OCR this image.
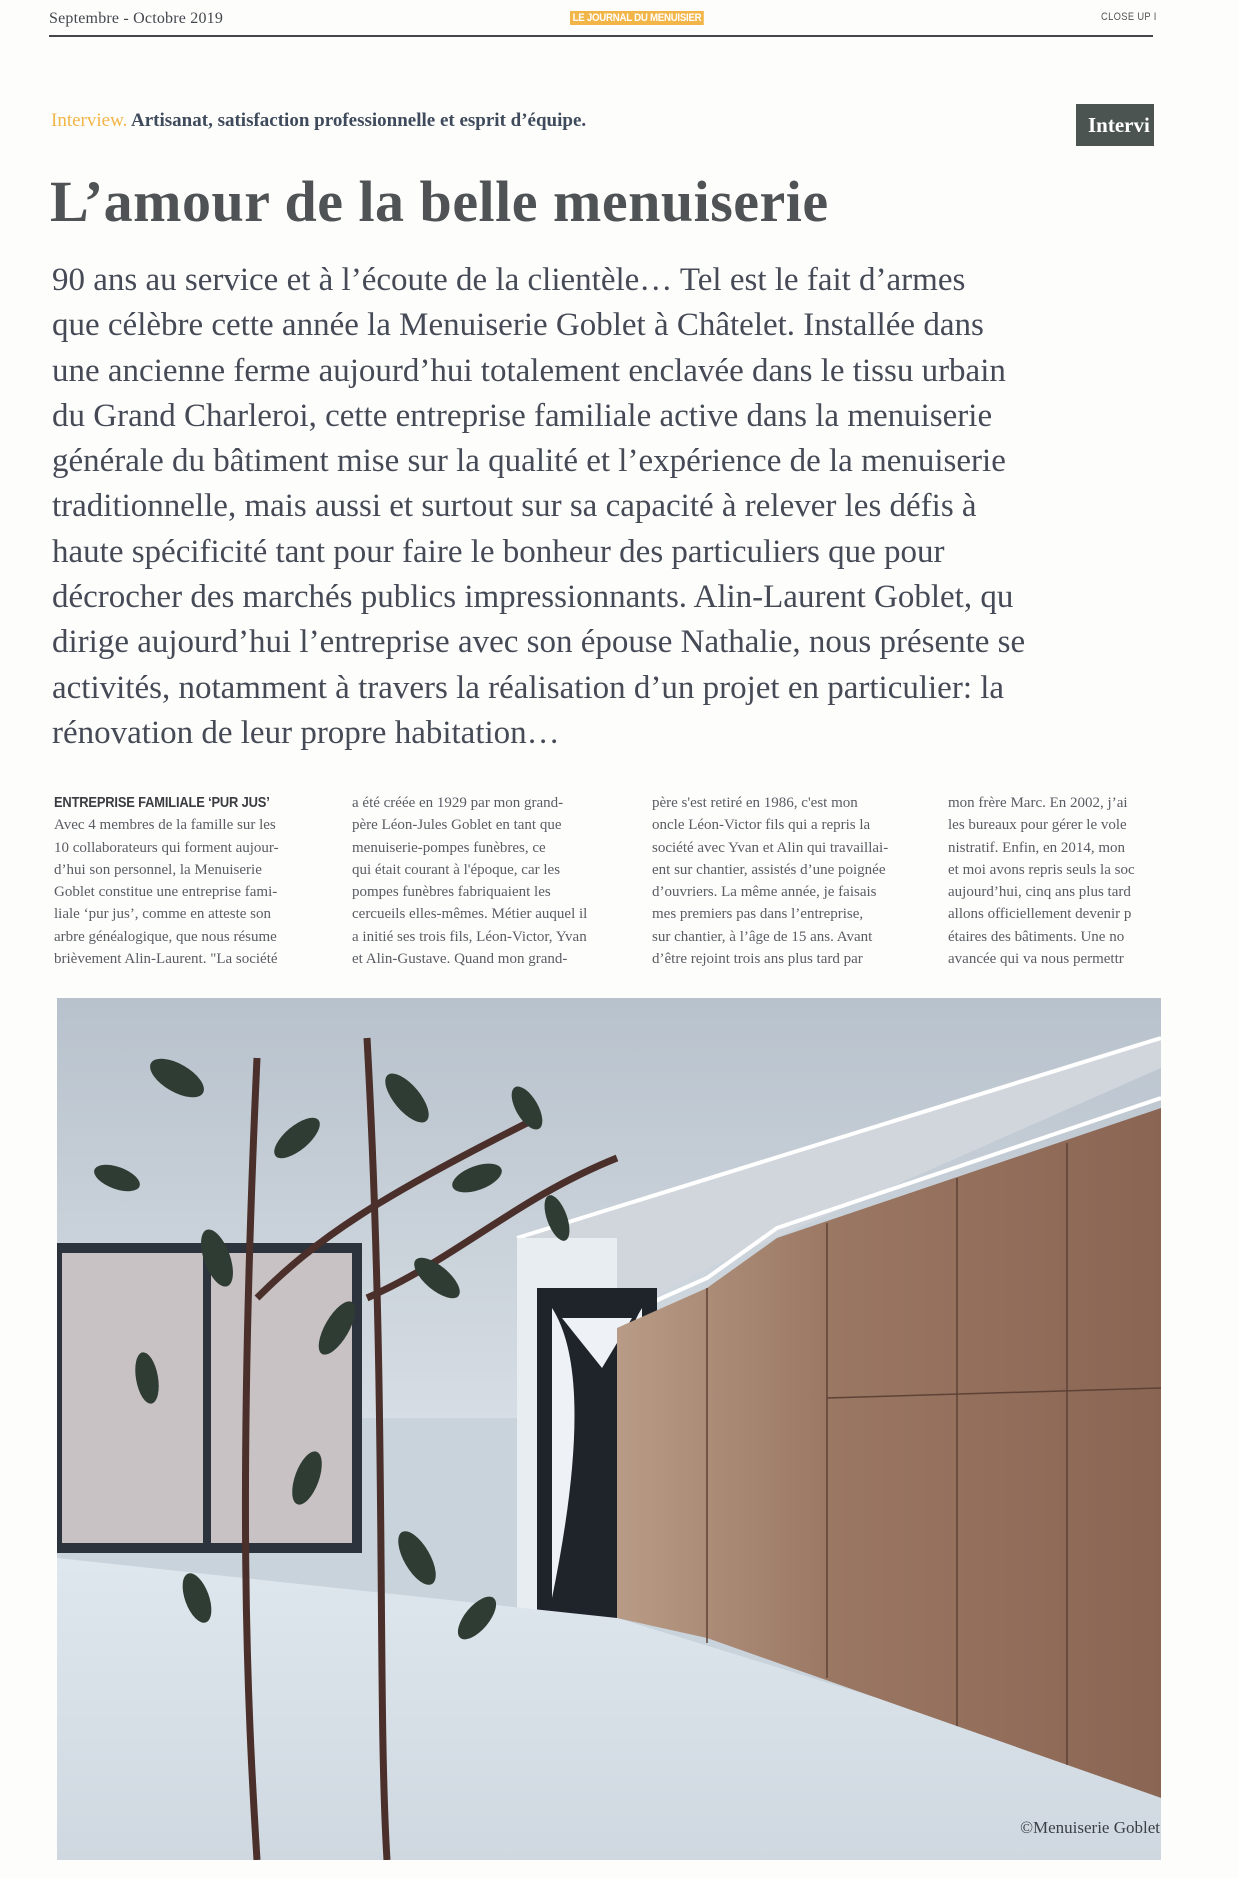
Septembre - Octobre 2019	LE JOURNAL DU MENUISIER	CLOSE UP I
Interview. Artisanat, satisfaction professionnelle et esprit d’équipe.	Intervi
L’amour de la belle menuiserie
90 ans au service et à l’écoute de la clientèle… Tel est le fait d’armes
que célèbre cette année la Menuiserie Goblet à Châtelet. Installée dans
une ancienne ferme aujourd’hui totalement enclavée dans le tissu urbain
du Grand Charleroi, cette entreprise familiale active dans la menuiserie
générale du bâtiment mise sur la qualité et l’expérience de la menuiserie
traditionnelle, mais aussi et surtout sur sa capacité à relever les défis à
haute spécificité tant pour faire le bonheur des particuliers que pour
décrocher des marchés publics impressionnants. Alin-Laurent Goblet, qu
dirige aujourd’hui l’entreprise avec son épouse Nathalie, nous présente se
activités, notamment à travers la réalisation d’un projet en particulier: la
rénovation de leur propre habitation…
ENTREPRISE FAMILIALE ‘PUR JUS’
Avec 4 membres de la famille sur les
10 collaborateurs qui forment aujour-
d’hui son personnel, la Menuiserie
Goblet constitue une entreprise fami-
liale ‘pur jus’, comme en atteste son
arbre généalogique, que nous résume
brièvement Alin-Laurent. "La société
a été créée en 1929 par mon grand-
père Léon-Jules Goblet en tant que
menuiserie-pompes funèbres, ce
qui était courant à l'époque, car les
pompes funèbres fabriquaient les
cercueils elles-mêmes. Métier auquel il
a initié ses trois fils, Léon-Victor, Yvan
et Alin-Gustave. Quand mon grand-
père s'est retiré en 1986, c'est mon
oncle Léon-Victor fils qui a repris la
société avec Yvan et Alin qui travaillai-
ent sur chantier, assistés d’une poignée
d’ouvriers. La même année, je faisais
mes premiers pas dans l’entreprise,
sur chantier, à l’âge de 15 ans. Avant
d’être rejoint trois ans plus tard par
mon frère Marc. En 2002, j’ai
les bureaux pour gérer le vole
nistratif. Enfin, en 2014, mon
et moi avons repris seuls la soc
aujourd’hui, cinq ans plus tard
allons officiellement devenir p
étaires des bâtiments. Une no
avancée qui va nous permettr
©Menuiserie Goblet
